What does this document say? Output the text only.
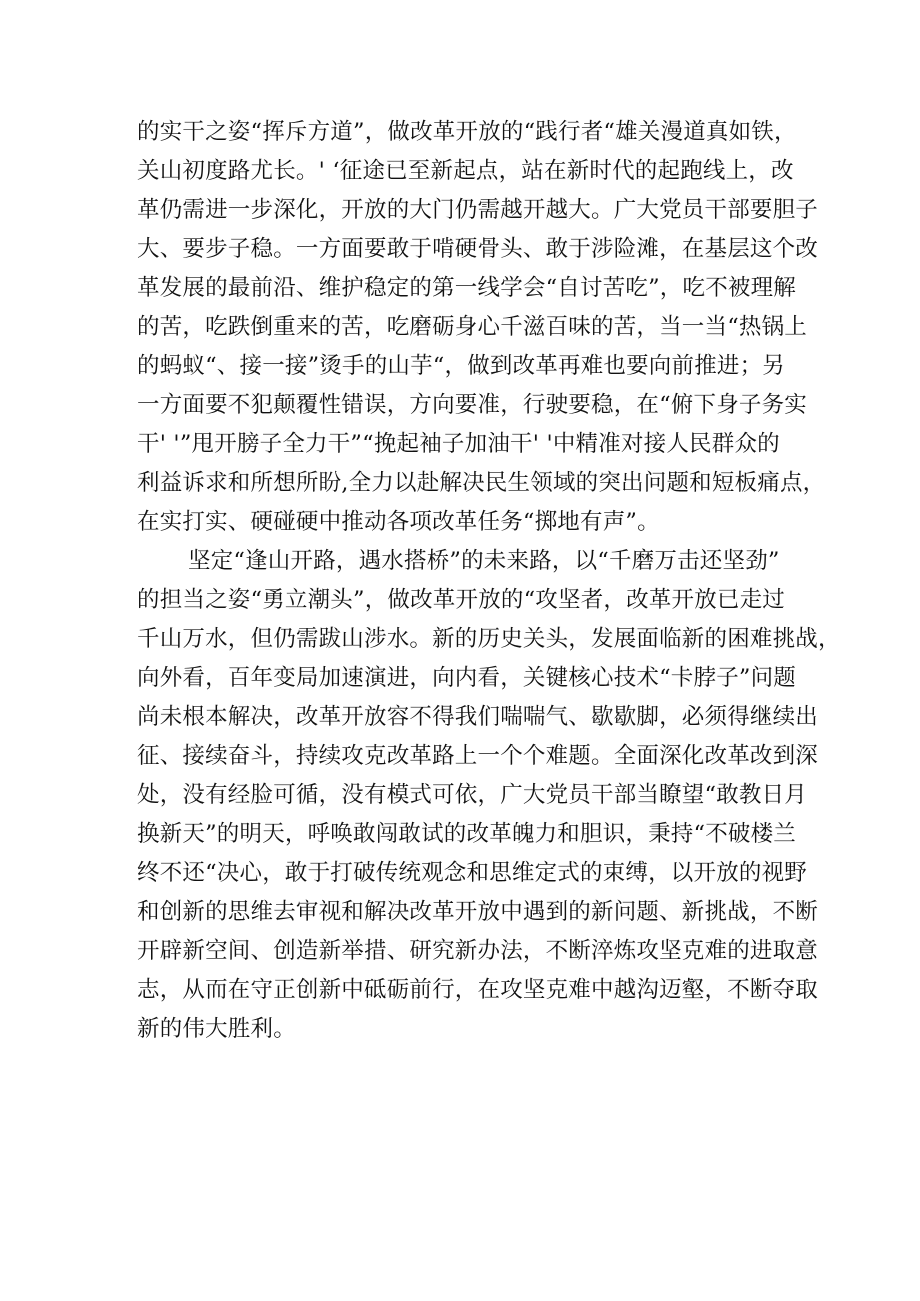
的实干之姿“挥斥方道”，做改革开放的“践行者“雄关漫道真如铁，
关山初度路尤长。' ‘征途已至新起点，站在新时代的起跑线上，改
革仍需进一步深化，开放的大门仍需越开越大。广大党员干部要胆子
大、要步子稳。一方面要敢于啃硬骨头、敢于涉险滩，在基层这个改
革发展的最前沿、维护稳定的第一线学会“自讨苦吃”，吃不被理解
的苦，吃跌倒重来的苦，吃磨砺身心千滋百味的苦，当一当“热锅上
的蚂蚁“、接一接”烫手的山芋“，做到改革再难也要向前推进；另
一方面要不犯颠覆性错误，方向要准，行驶要稳，在“俯下身子务实
干' '”甩开膀子全力干”“挽起袖子加油干' '中精准对接人民群众的
利益诉求和所想所盼,全力以赴解决民生领域的突出问题和短板痛点，
在实打实、硬碰硬中推动各项改革任务“掷地有声”。
坚定“逢山开路，遇水搭桥”的未来路，以“千磨万击还坚劲”
的担当之姿“勇立潮头”，做改革开放的“攻坚者，改革开放已走过
千山万水，但仍需跋山涉水。新的历史关头，发展面临新的困难挑战，
向外看，百年变局加速演进，向内看，关键核心技术“卡脖子”问题
尚未根本解决，改革开放容不得我们喘喘气、歇歇脚，必须得继续出
征、接续奋斗，持续攻克改革路上一个个难题。全面深化改革改到深
处，没有经脸可循，没有模式可依，广大党员干部当瞭望“敢教日月
换新天”的明天，呼唤敢闯敢试的改革魄力和胆识，秉持“不破楼兰
终不还“决心，敢于打破传统观念和思维定式的束缚，以开放的视野
和创新的思维去审视和解决改革开放中遇到的新问题、新挑战，不断
开辟新空间、创造新举措、研究新办法，不断淬炼攻坚克难的进取意
志，从而在守正创新中砥砺前行，在攻坚克难中越沟迈壑，不断夺取
新的伟大胜利。
